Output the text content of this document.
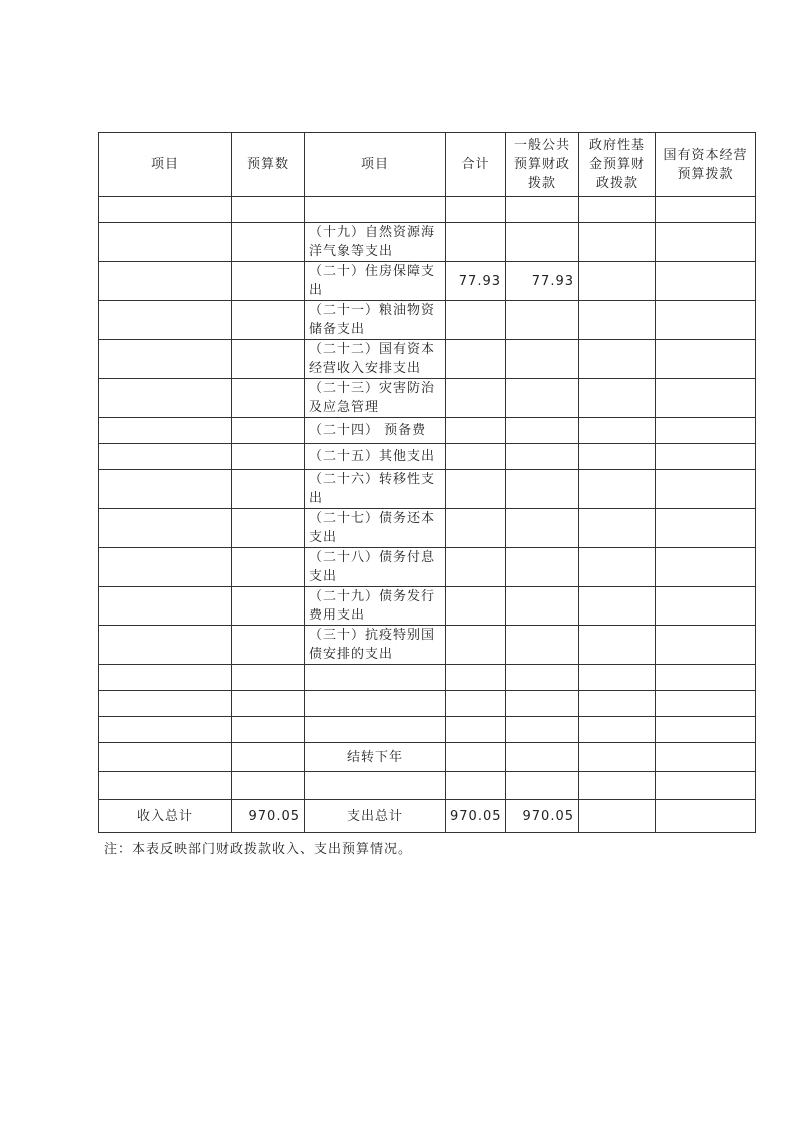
项目	预算数	项目	合计	一般公共预算财政拨款	政府性基金预算财政拨款	国有资本经营预算拨款

		（十九）自然资源海洋气象等支出				
		（二十）住房保障支出	77.93	77.93		
		（二十一）粮油物资储备支出				
		（二十二）国有资本经营收入安排支出				
		（二十三）灾害防治及应急管理				
		（二十四） 预备费				
		（二十五）其他支出				
		（二十六）转移性支出				
		（二十七）债务还本支出				
		（二十八）债务付息支出				
		（二十九）债务发行费用支出				
		（三十）抗疫特别国债安排的支出				

		结转下年				

收入总计	970.05	支出总计	970.05	970.05		
注：本表反映部门财政拨款收入、支出预算情况。
